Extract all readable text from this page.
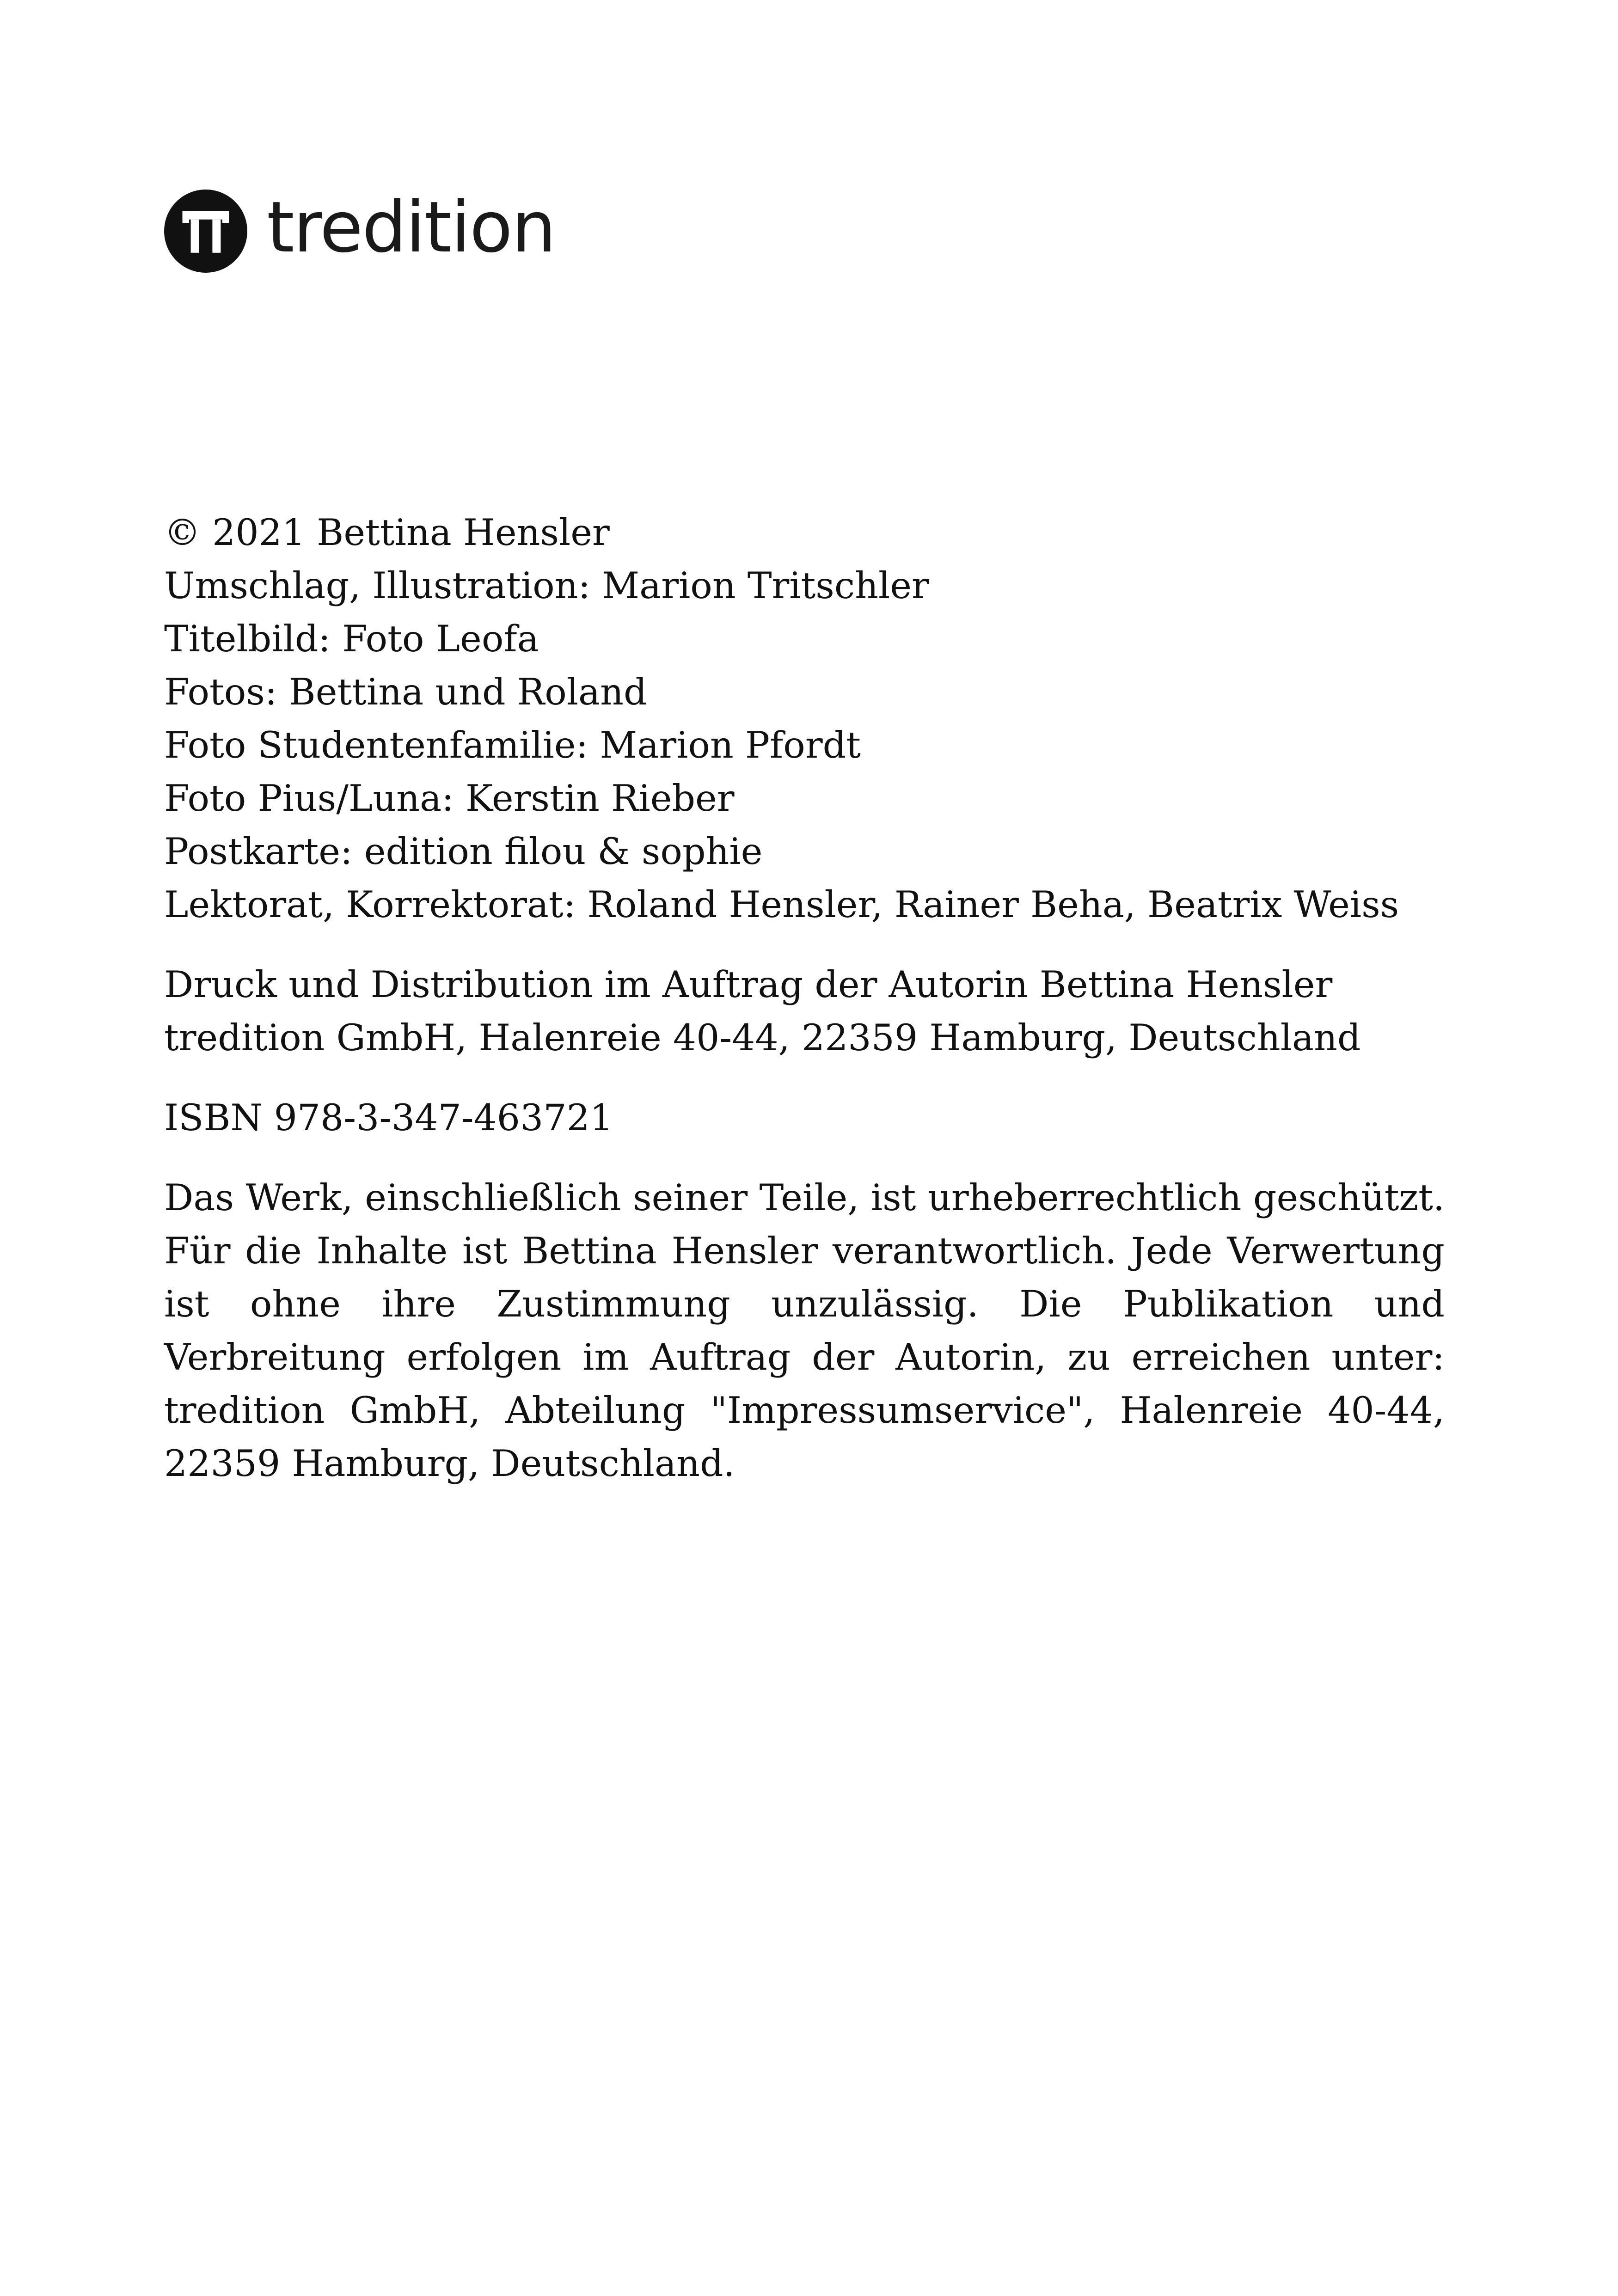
tredition
© 2021 Bettina Hensler
Umschlag, Illustration: Marion Tritschler
Titelbild: Foto Leofa
Fotos: Bettina und Roland
Foto Studentenfamilie: Marion Pfordt
Foto Pius/Luna: Kerstin Rieber
Postkarte: edition filou & sophie
Lektorat, Korrektorat: Roland Hensler, Rainer Beha, Beatrix Weiss
Druck und Distribution im Auftrag der Autorin Bettina Hensler
tredition GmbH, Halenreie 40-44, 22359 Hamburg, Deutschland
ISBN 978-3-347-463721

Das Werk, einschließlich seiner Teile, ist urheberrechtlich geschützt. Für die Inhalte ist Bettina Hensler verantwortlich. Jede Verwertung ist ohne ihre Zustimmung unzulässig. Die Publikation und Verbreitung erfolgen im Auftrag der Autorin, zu erreichen unter: tredition GmbH, Abteilung "Impressumservice", Halenreie 40-44, 22359 Hamburg, Deutschland.
